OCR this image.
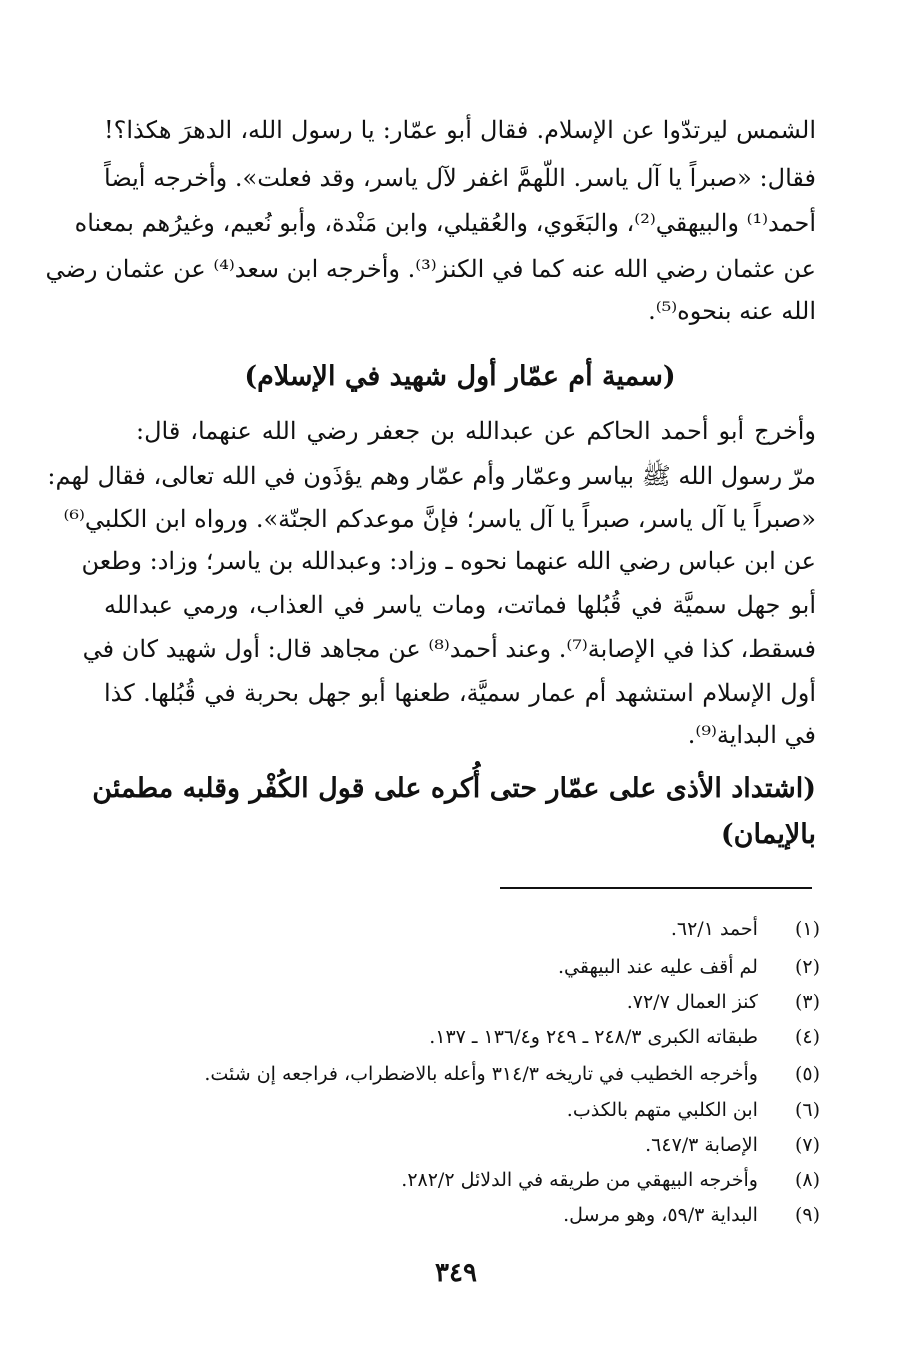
الشمس ليرتدّوا عن الإسلام. فقال أبو عمّار: يا رسول الله، الدهرَ هكذا؟!
فقال: «صبراً يا آل ياسر. اللّهمَّ اغفر لآل ياسر، وقد فعلت». وأخرجه أيضاً
أحمد⁽¹⁾ والبيهقي⁽²⁾، والبَغَوي، والعُقيلي، وابن مَنْدة، وأبو نُعيم، وغيرُهم بمعناه
عن عثمان رضي الله عنه كما في الكنز⁽³⁾. وأخرجه ابن سعد⁽⁴⁾ عن عثمان رضي
الله عنه بنحوه⁽⁵⁾.
(سمية أم عمّار أول شهيد في الإسلام)
وأخرج أبو أحمد الحاكم عن عبدالله بن جعفر رضي الله عنهما، قال:
مرّ رسول الله ﷺ بياسر وعمّار وأم عمّار وهم يؤذَون في الله تعالى، فقال لهم:
«صبراً يا آل ياسر، صبراً يا آل ياسر؛ فإنَّ موعدكم الجنّة». ورواه ابن الكلبي⁽⁶⁾
عن ابن عباس رضي الله عنهما نحوه ـ وزاد: وعبدالله بن ياسر؛ وزاد: وطعن
أبو جهل سميَّة في قُبُلها فماتت، ومات ياسر في العذاب، ورمي عبدالله
فسقط، كذا في الإصابة⁽⁷⁾. وعند أحمد⁽⁸⁾ عن مجاهد قال: أول شهيد كان في
أول الإسلام استشهد أم عمار سميَّة، طعنها أبو جهل بحربة في قُبُلها. كذا
في البداية⁽⁹⁾.
(اشتداد الأذى على عمّار حتى أُكره على قول الكُفْر وقلبه مطمئن
بالإيمان)
(١) أحمد ٦٢/١.
(٢) لم أقف عليه عند البيهقي.
(٣) كنز العمال ٧٢/٧.
(٤) طبقاته الكبرى ٢٤٨/٣ ـ ٢٤٩ و١٣٦/٤ ـ ١٣٧.
(٥) وأخرجه الخطيب في تاريخه ٣١٤/٣ وأعله بالاضطراب، فراجعه إن شئت.
(٦) ابن الكلبي متهم بالكذب.
(٧) الإصابة ٦٤٧/٣.
(٨) وأخرجه البيهقي من طريقه في الدلائل ٢٨٢/٢.
(٩) البداية ٥٩/٣، وهو مرسل.
٣٤٩
